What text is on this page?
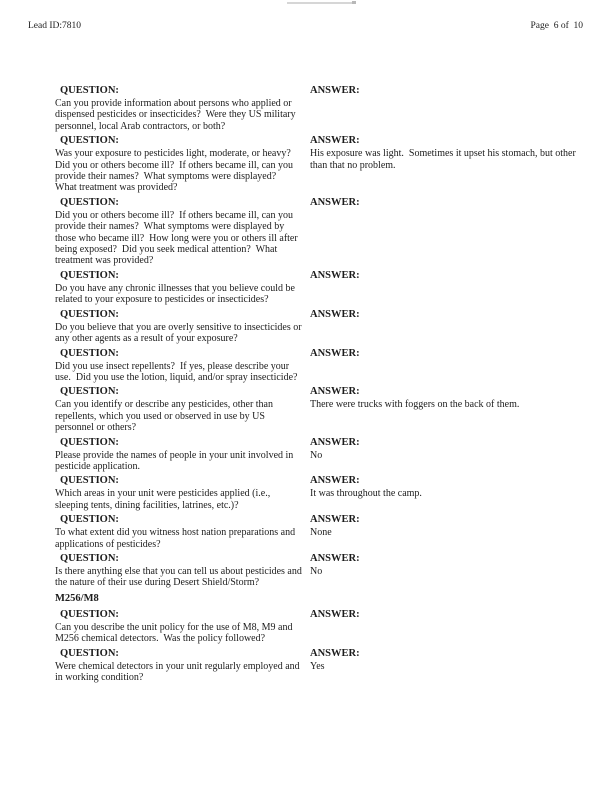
Lead ID:7810	Page  6 of  10
QUESTION:	ANSWER:
Can you provide information about persons who applied or dispensed pesticides or insecticides?  Were they US military personnel, local Arab contractors, or both?
QUESTION:	ANSWER:
Was your exposure to pesticides light, moderate, or heavy?  Did you or others become ill?  If others became ill, can you provide their names?  What symptoms were displayed?  What treatment was provided?
His exposure was light.  Sometimes it upset his stomach, but other than that no problem.
QUESTION:	ANSWER:
Did you or others become ill?  If others became ill, can you provide their names?  What symptoms were displayed by those who became ill?  How long were you or others ill after being exposed?  Did you seek medical attention?  What treatment was provided?
QUESTION:	ANSWER:
Do you have any chronic illnesses that you believe could be related to your exposure to pesticides or insecticides?
QUESTION:	ANSWER:
Do you believe that you are overly sensitive to insecticides or any other agents as a result of your exposure?
QUESTION:	ANSWER:
Did you use insect repellents?  If yes, please describe your use.  Did you use the lotion, liquid, and/or spray insecticide?
QUESTION:	ANSWER:
Can you identify or describe any pesticides, other than repellents, which you used or observed in use by US personnel or others?
There were trucks with foggers on the back of them.
QUESTION:	ANSWER:
Please provide the names of people in your unit involved in pesticide application.
No
QUESTION:	ANSWER:
Which areas in your unit were pesticides applied (i.e., sleeping tents, dining facilities, latrines, etc.)?
It was throughout the camp.
QUESTION:	ANSWER:
To what extent did you witness host nation preparations and applications of pesticides?
None
QUESTION:	ANSWER:
Is there anything else that you can tell us about pesticides and the nature of their use during Desert Shield/Storm?
No
M256/M8
QUESTION:	ANSWER:
Can you describe the unit policy for the use of M8, M9 and M256 chemical detectors.  Was the policy followed?
QUESTION:	ANSWER:
Were chemical detectors in your unit regularly employed and in working condition?
Yes
